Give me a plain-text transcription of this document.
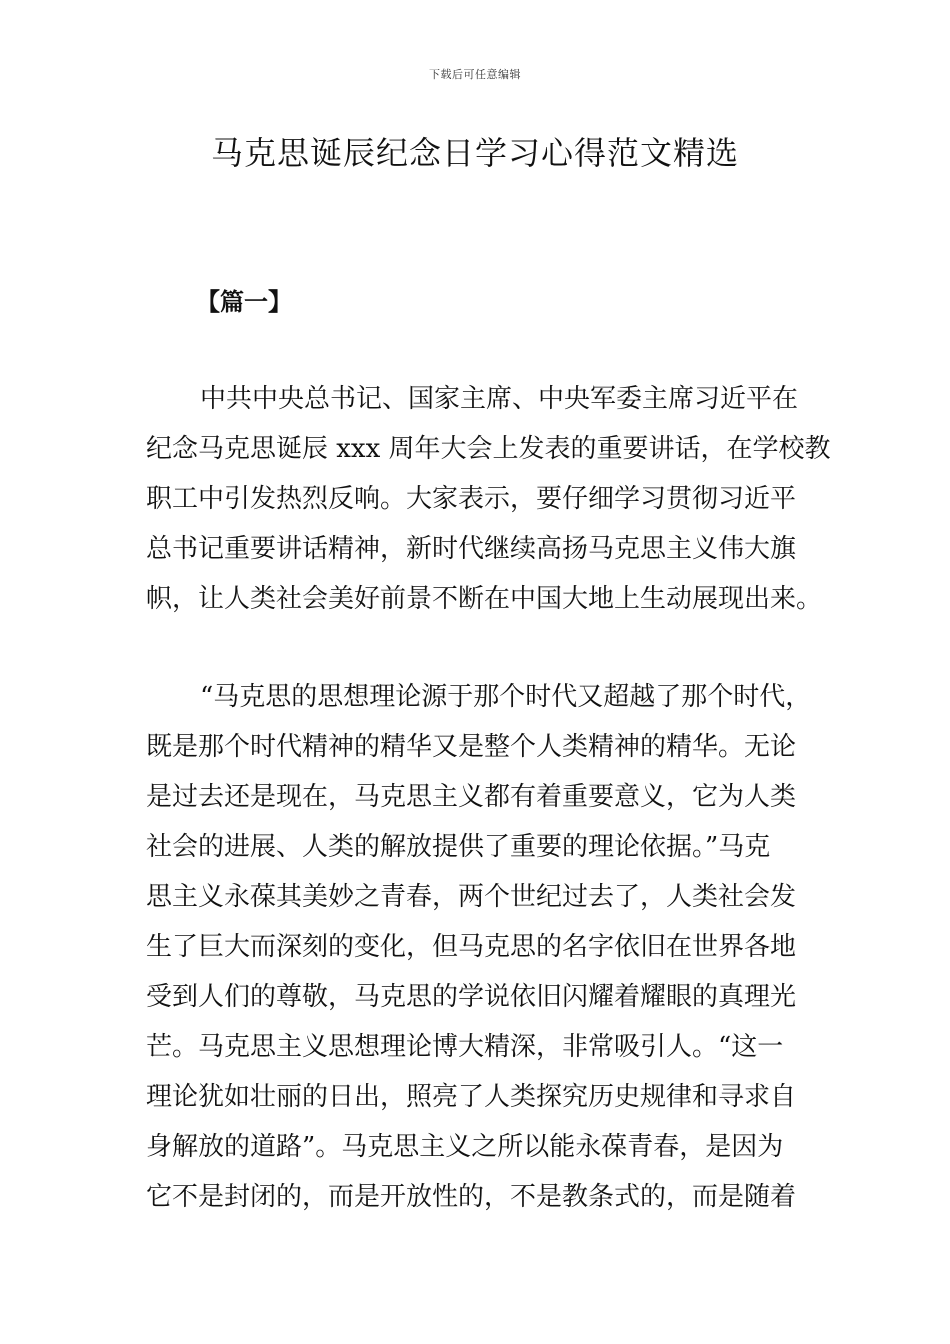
下载后可任意编辑
马克思诞辰纪念日学习心得范文精选
【篇一】
中共中央总书记、国家主席、中央军委主席习近平在
纪念马克思诞辰 xxx 周年大会上发表的重要讲话，在学校教
职工中引发热烈反响。大家表示，要仔细学习贯彻习近平
总书记重要讲话精神，新时代继续高扬马克思主义伟大旗
帜，让人类社会美好前景不断在中国大地上生动展现出来。
“马克思的思想理论源于那个时代又超越了那个时代，
既是那个时代精神的精华又是整个人类精神的精华。无论
是过去还是现在，马克思主义都有着重要意义，它为人类
社会的进展、人类的解放提供了重要的理论依据。”马克
思主义永葆其美妙之青春，两个世纪过去了，人类社会发
生了巨大而深刻的变化，但马克思的名字依旧在世界各地
受到人们的尊敬，马克思的学说依旧闪耀着耀眼的真理光
芒。马克思主义思想理论博大精深，非常吸引人。“这一
理论犹如壮丽的日出，照亮了人类探究历史规律和寻求自
身解放的道路”。马克思主义之所以能永葆青春，是因为
它不是封闭的，而是开放性的，不是教条式的，而是随着
